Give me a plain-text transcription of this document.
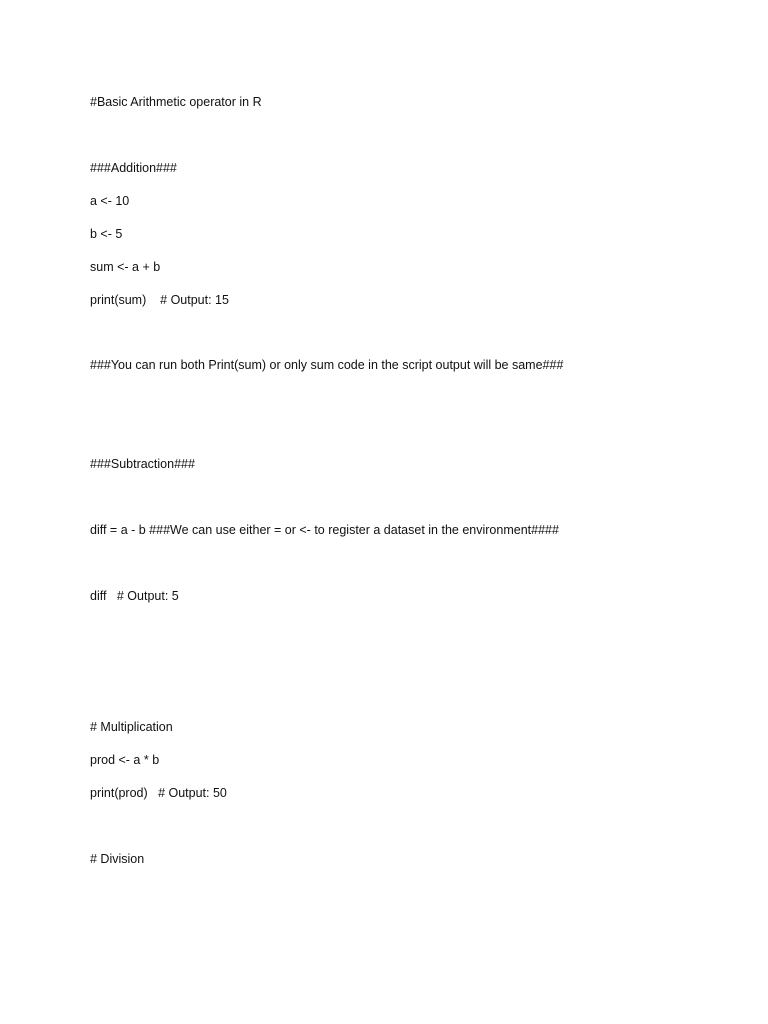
#Basic Arithmetic operator in R
###Addition###
a <- 10
b <- 5
sum <- a + b
print(sum)    # Output: 15
###You can run both Print(sum) or only sum code in the script output will be same###
###Subtraction###
diff = a - b ###We can use either = or <- to register a dataset in the environment####
diff   # Output: 5
# Multiplication
prod <- a * b
print(prod)   # Output: 50
# Division
